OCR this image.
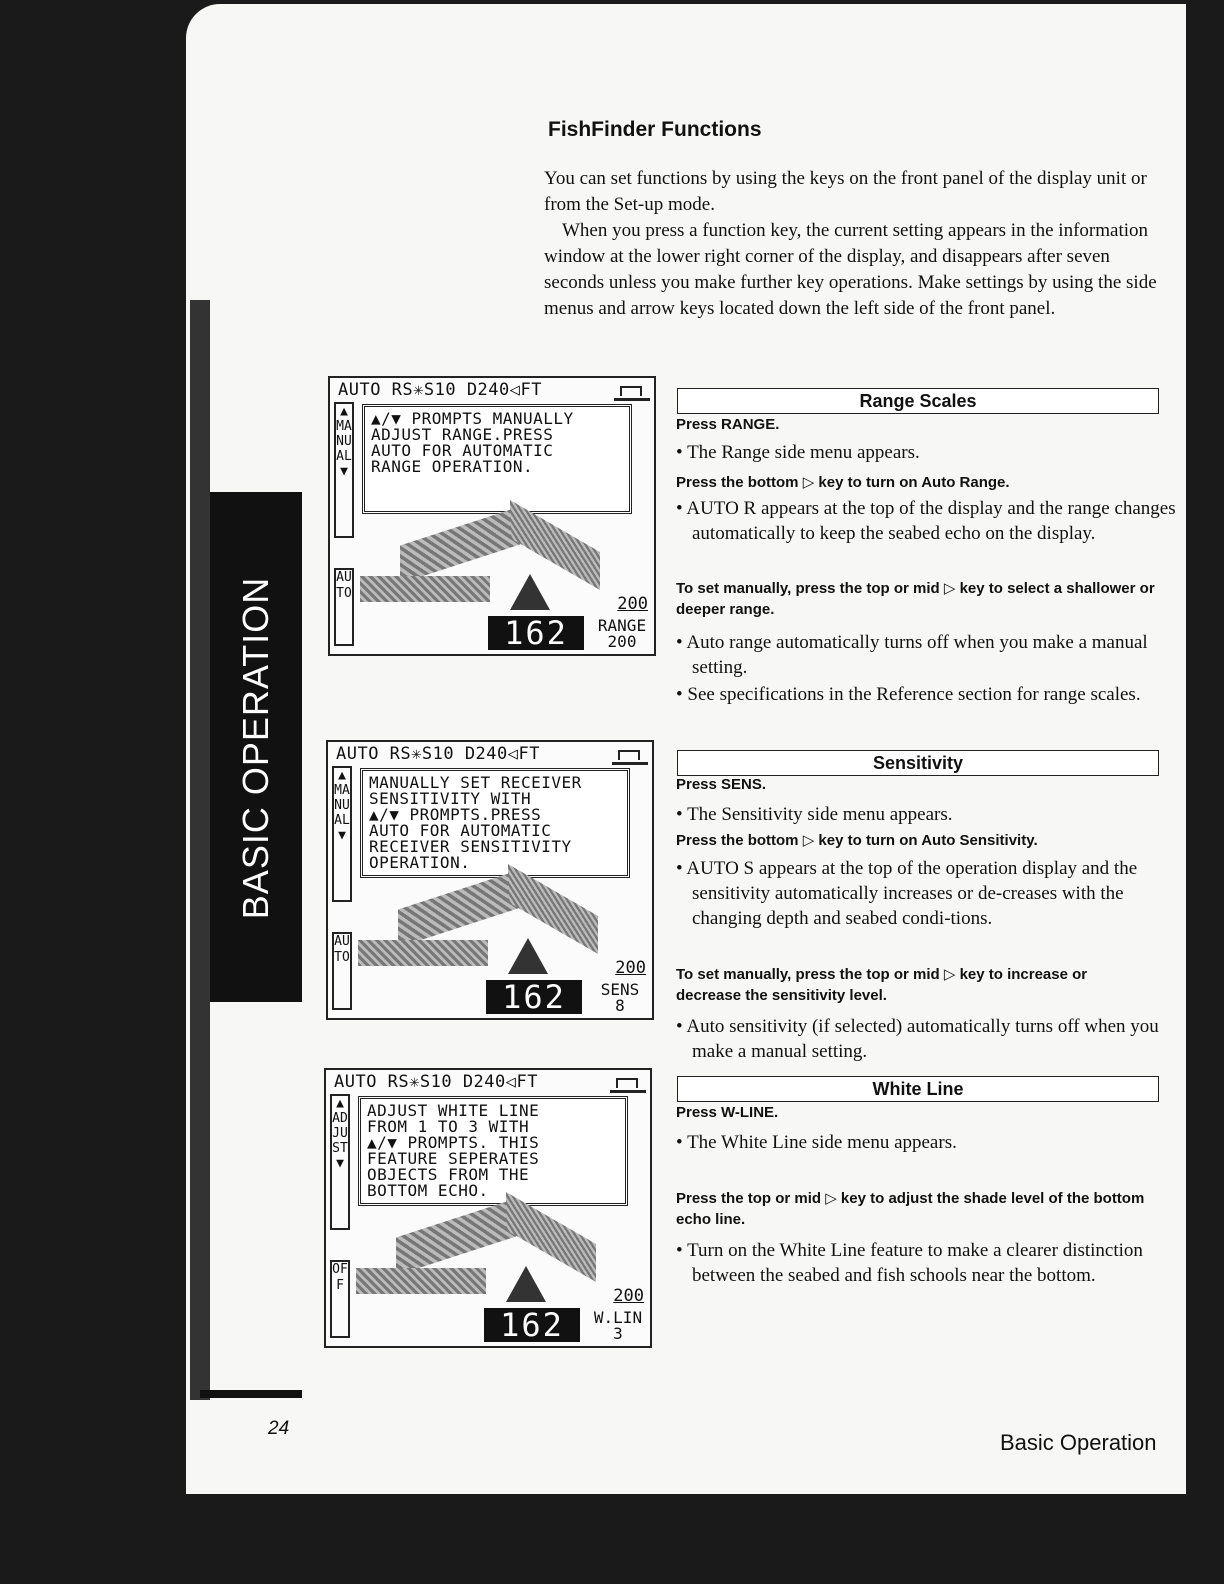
BASIC OPERATION
FishFinder Functions

You can set functions by using the keys on the front panel of the display unit or from the Set-up mode.

When you press a function key, the current setting appears in the information window at the lower right corner of the display, and disappears after seven seconds unless you make further key operations. Make settings by using the side menus and arrow keys located down the left side of the front panel.

AUTO RS✳S10 D240◁FT
▲
MANUAL
▼
AUTO
▲/▼ PROMPTS MANUALLY
ADJUST RANGE.PRESS
AUTO FOR AUTOMATIC
RANGE OPERATION.
200
162	RANGE
200
AUTO RS✳S10 D240◁FT
▲
MANUAL
▼
AUTO
MANUALLY SET RECEIVER
SENSITIVITY WITH
▲/▼ PROMPTS.PRESS
AUTO FOR AUTOMATIC
RECEIVER SENSITIVITY
OPERATION.
200
162	SENS
8
AUTO RS✳S10 D240◁FT
▲
ADJUST
▼
OFF
ADJUST WHITE LINE
FROM 1 TO 3 WITH
▲/▼ PROMPTS. THIS
FEATURE SEPERATES
OBJECTS FROM THE
BOTTOM ECHO.
200
162	W.LIN
3
Range Scales
Press RANGE.
• The Range side menu appears.
Press the bottom ▷ key to turn on Auto Range.
• AUTO R appears at the top of the display and the range changes automatically to keep the seabed echo on the display.
To set manually, press the top or mid ▷ key to select a shallower or deeper range.
• Auto range automatically turns off when you make a manual setting.
• See specifications in the Reference section for range scales.
Sensitivity
Press SENS.
• The Sensitivity side menu appears.
Press the bottom ▷ key to turn on Auto Sensitivity.
• AUTO S appears at the top of the operation display and the sensitivity automatically increases or de-creases with the changing depth and seabed condi-tions.
To set manually, press the top or mid ▷ key to increase or decrease the sensitivity level.
• Auto sensitivity (if selected) automatically turns off when you make a manual setting.
White Line
Press W-LINE.
• The White Line side menu appears.
Press the top or mid ▷ key to adjust the shade level of the bottom echo line.
• Turn on the White Line feature to make a clearer distinction between the seabed and fish schools near the bottom.
24
Basic Operation
